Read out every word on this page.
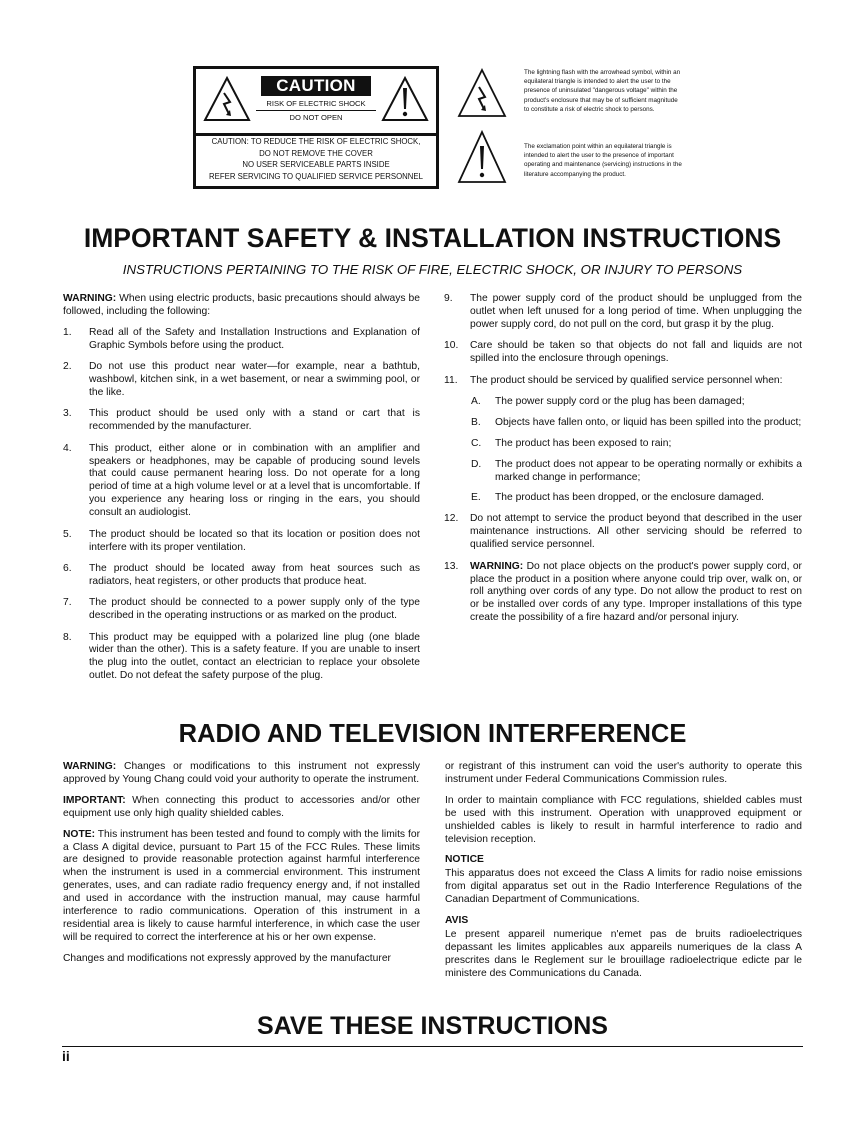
CAUTION
RISK OF ELECTRIC SHOCK
DO NOT OPEN
CAUTION: TO REDUCE THE RISK OF ELECTRIC SHOCK,
DO NOT REMOVE THE COVER
NO USER SERVICEABLE PARTS INSIDE
REFER SERVICING TO QUALIFIED SERVICE PERSONNEL
The lightning flash with the arrowhead symbol, within an equilateral triangle is intended to alert the user to the presence of uninsulated "dangerous voltage" within the product's enclosure that may be of sufficient magnitude to constitute a risk of electric shock to persons.
The exclamation point within an equilateral triangle is intended to alert the user to the presence of important operating and maintenance (servicing) instructions in the literature accompanying the product.
IMPORTANT SAFETY & INSTALLATION INSTRUCTIONS
INSTRUCTIONS PERTAINING TO THE RISK OF FIRE, ELECTRIC SHOCK, OR INJURY TO PERSONS

WARNING: When using electric products, basic precautions should always be followed, including the following:

1.	Read all of the Safety and Installation Instructions and Explanation of Graphic Symbols before using the product.
2.	Do not use this product near water—for example, near a bathtub, washbowl, kitchen sink, in a wet basement, or near a swimming pool, or the like.
3.	This product should be used only with a stand or cart that is recommended by the manufacturer.
4.	This product, either alone or in combination with an amplifier and speakers or headphones, may be capable of producing sound levels that could cause permanent hearing loss. Do not operate for a long period of time at a high volume level or at a level that is uncomfortable. If you experience any hearing loss or ringing in the ears, you should consult an audiologist.
5.	The product should be located so that its location or position does not interfere with its proper ventilation.
6.	The product should be located away from heat sources such as radiators, heat registers, or other products that produce heat.
7.	The product should be connected to a power supply only of the type described in the operating instructions or as marked on the product.
8.	This product may be equipped with a polarized line plug (one blade wider than the other). This is a safety feature. If you are unable to insert the plug into the outlet, contact an electrician to replace your obsolete outlet. Do not defeat the safety purpose of the plug.
9.	The power supply cord of the product should be unplugged from the outlet when left unused for a long period of time. When unplugging the power supply cord, do not pull on the cord, but grasp it by the plug.
10.	Care should be taken so that objects do not fall and liquids are not spilled into the enclosure through openings.
11.	The product should be serviced by qualified service personnel when:
A.	The power supply cord or the plug has been damaged;
B.	Objects have fallen onto, or liquid has been spilled into the product;
C.	The product has been exposed to rain;
D.	The product does not appear to be operating normally or exhibits a marked change in performance;
E.	The product has been dropped, or the enclosure damaged.
12.	Do not attempt to service the product beyond that described in the user maintenance instructions. All other servicing should be referred to qualified service personnel.
13.	WARNING: Do not place objects on the product's power supply cord, or place the product in a position where anyone could trip over, walk on, or roll anything over cords of any type. Do not allow the product to rest on or be installed over cords of any type. Improper installations of this type create the possibility of a fire hazard and/or personal injury.
RADIO AND TELEVISION INTERFERENCE

WARNING: Changes or modifications to this instrument not expressly approved by Young Chang could void your authority to operate the instrument.

IMPORTANT: When connecting this product to accessories and/or other equipment use only high quality shielded cables.

NOTE: This instrument has been tested and found to comply with the limits for a Class A digital device, pursuant to Part 15 of the FCC Rules. These limits are designed to provide reasonable protection against harmful interference when the instrument is used in a commercial environment. This instrument generates, uses, and can radiate radio frequency energy and, if not installed and used in accordance with the instruction manual, may cause harmful interference to radio communications. Operation of this instrument in a residential area is likely to cause harmful interference, in which case the user will be required to correct the interference at his or her own expense.

Changes and modifications not expressly approved by the manufacturer

or registrant of this instrument can void the user's authority to operate this instrument under Federal Communications Commission rules.

In order to maintain compliance with FCC regulations, shielded cables must be used with this instrument. Operation with unapproved equipment or unshielded cables is likely to result in harmful interference to radio and television reception.

NOTICE

This apparatus does not exceed the Class A limits for radio noise emissions from digital apparatus set out in the Radio Interference Regulations of the Canadian Department of Communications.

AVIS

Le present appareil numerique n'emet pas de bruits radioelectriques depassant les limites applicables aux appareils numeriques de la class A prescrites dans le Reglement sur le brouillage radioelectrique edicte par le ministere des Communications du Canada.

SAVE THESE INSTRUCTIONS
ii
